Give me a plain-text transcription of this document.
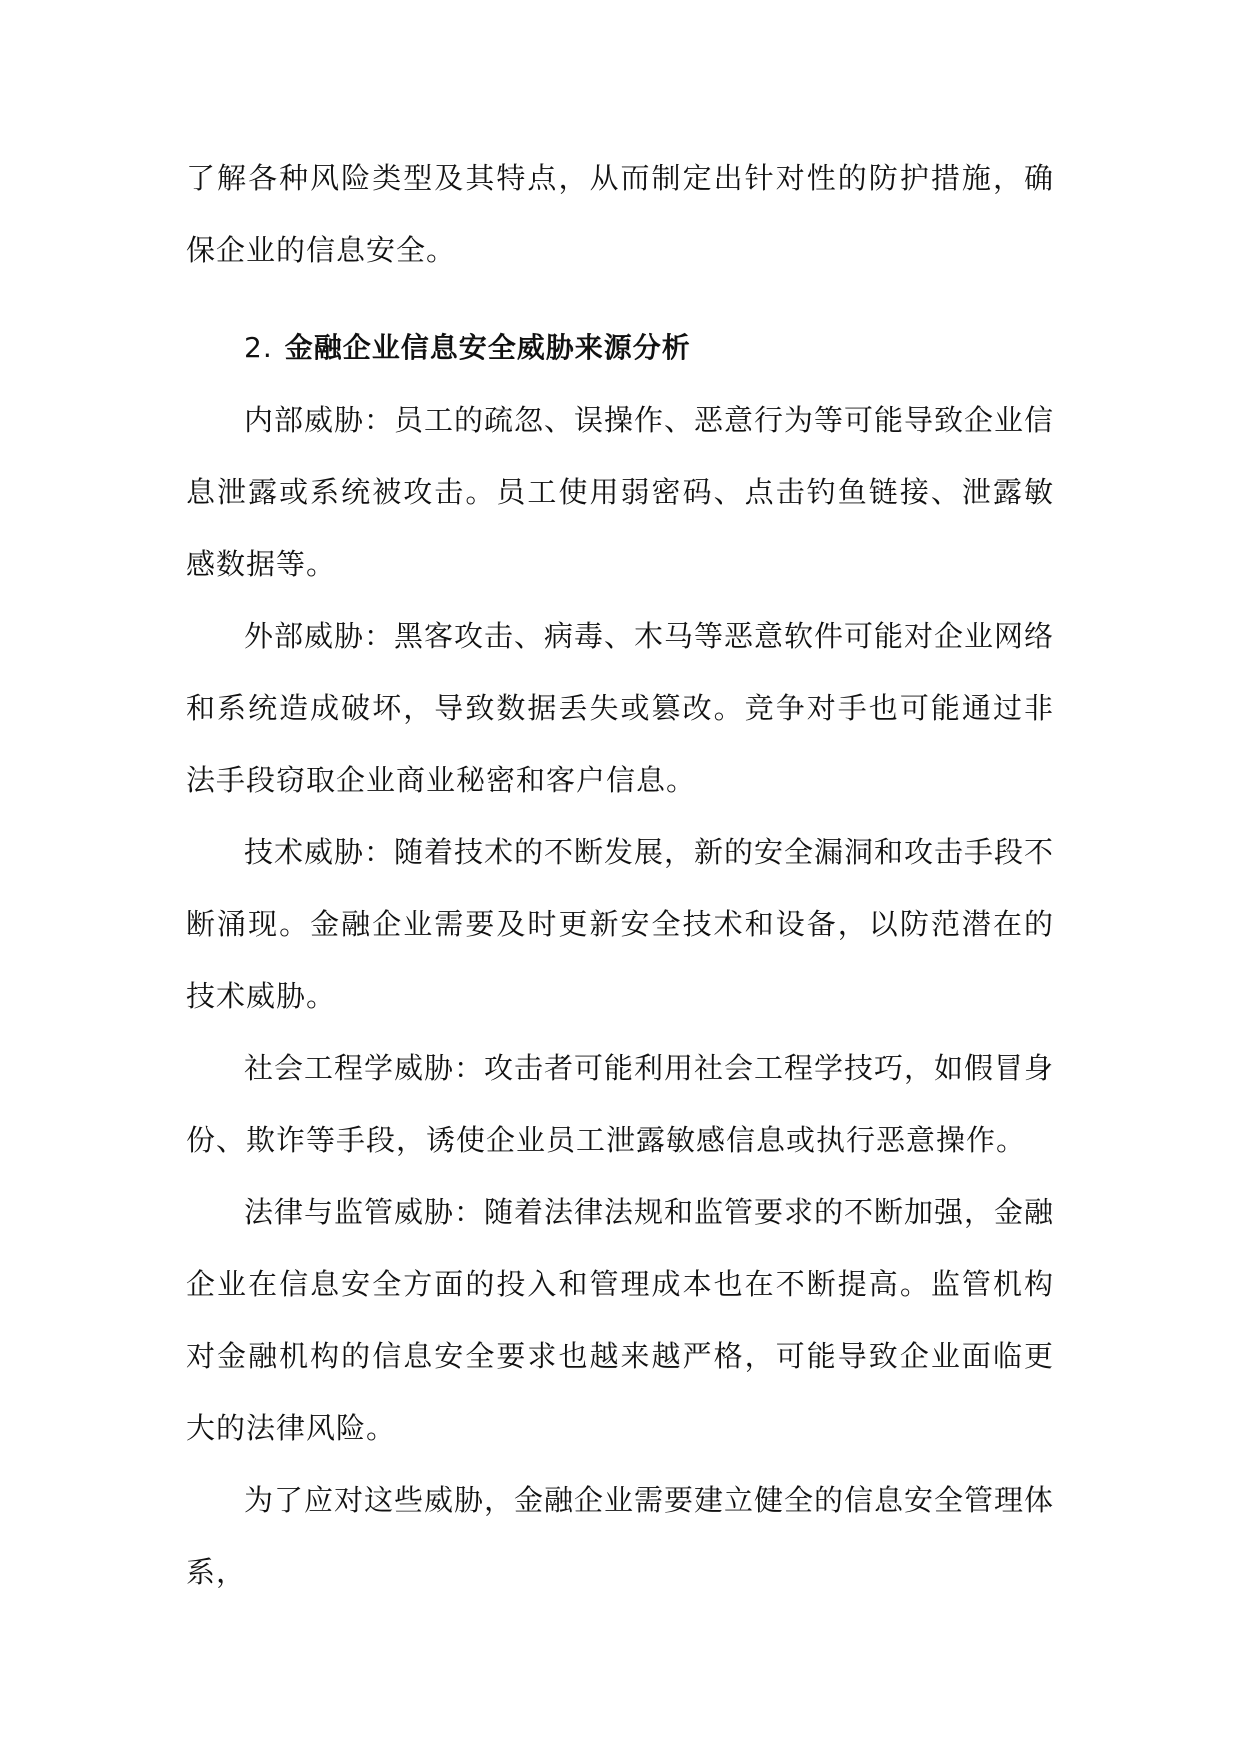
了解各种风险类型及其特点，从而制定出针对性的防护措施，确保企业的信息安全。

2. 金融企业信息安全威胁来源分析

内部威胁：员工的疏忽、误操作、恶意行为等可能导致企业信息泄露或系统被攻击。员工使用弱密码、点击钓鱼链接、泄露敏感数据等。

外部威胁：黑客攻击、病毒、木马等恶意软件可能对企业网络和系统造成破坏，导致数据丢失或篡改。竞争对手也可能通过非法手段窃取企业商业秘密和客户信息。

技术威胁：随着技术的不断发展，新的安全漏洞和攻击手段不断涌现。金融企业需要及时更新安全技术和设备，以防范潜在的技术威胁。

社会工程学威胁：攻击者可能利用社会工程学技巧，如假冒身份、欺诈等手段，诱使企业员工泄露敏感信息或执行恶意操作。

法律与监管威胁：随着法律法规和监管要求的不断加强，金融企业在信息安全方面的投入和管理成本也在不断提高。监管机构对金融机构的信息安全要求也越来越严格，可能导致企业面临更大的法律风险。

为了应对这些威胁，金融企业需要建立健全的信息安全管理体系，
